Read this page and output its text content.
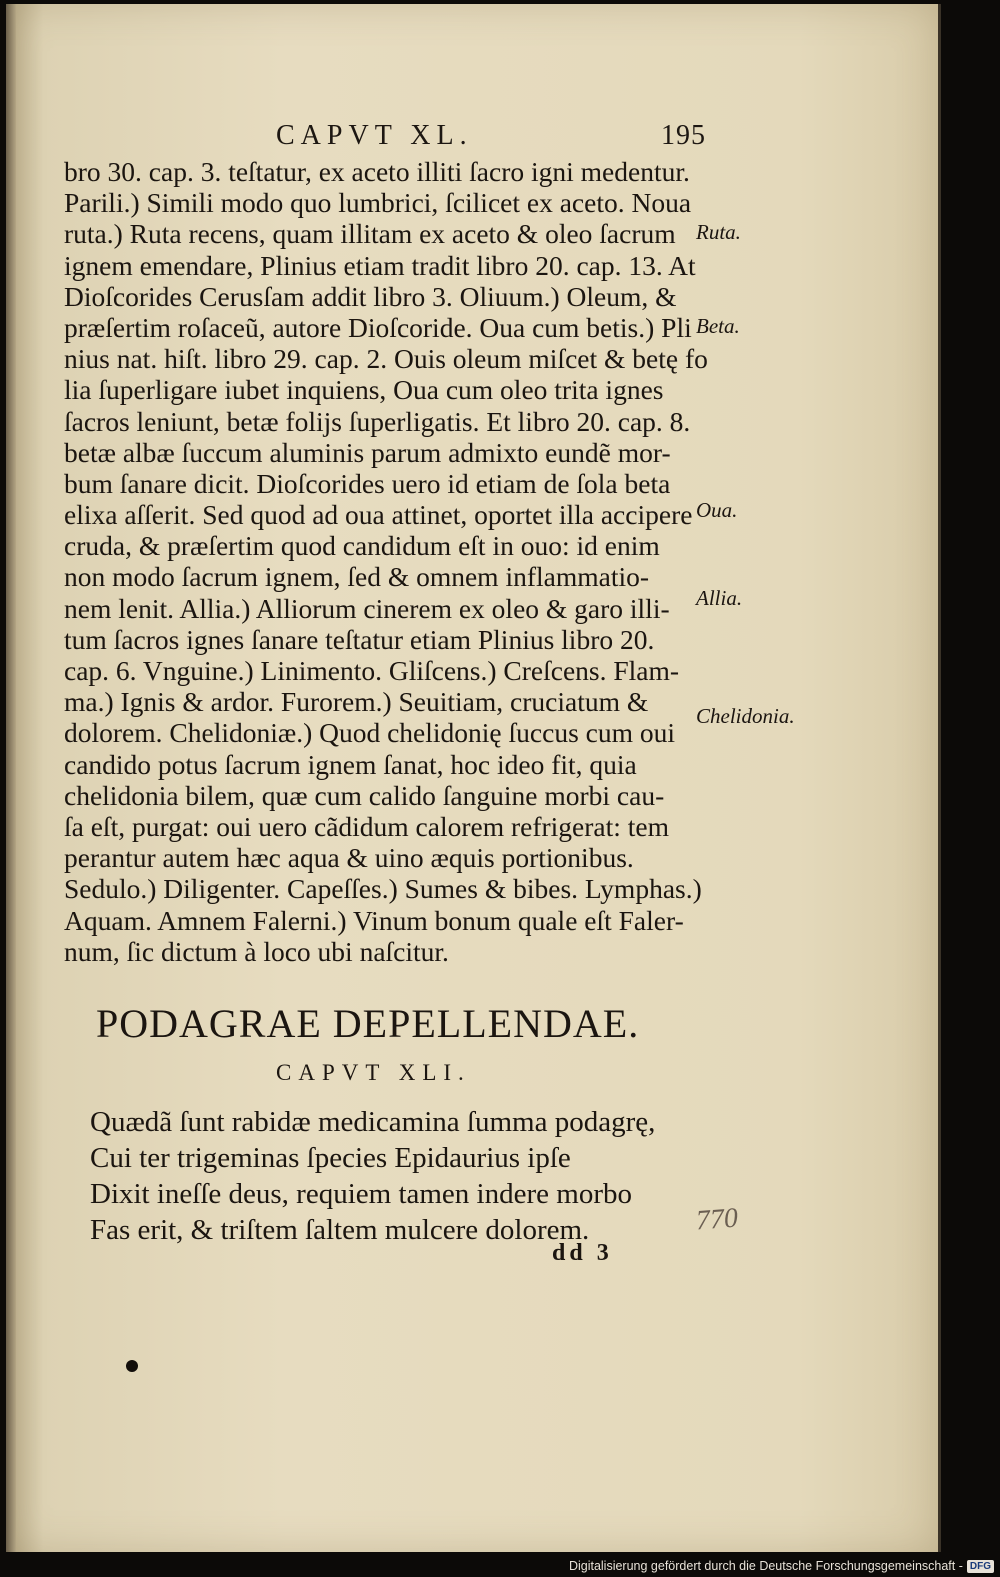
CAPVT XL.	195
bro 30. cap. 3. teſtatur, ex aceto illiti ſacro igni medentur.
Parili.) Simili modo quo lumbrici, ſcilicet ex aceto. Noua
ruta.) Ruta recens, quam illitam ex aceto & oleo ſacrum
ignem emendare, Plinius etiam tradit libro 20. cap. 13. At
Dioſcorides Cerusſam addit libro 3. Oliuum.) Oleum, &
præſertim roſaceũ, autore Dioſcoride. Oua cum betis.) Pli
nius nat. hiſt. libro 29. cap. 2. Ouis oleum miſcet & betę fo
lia ſuperligare iubet inquiens, Oua cum oleo trita ignes
ſacros leniunt, betæ folijs ſuperligatis. Et libro 20. cap. 8.
betæ albæ ſuccum aluminis parum admixto eundẽ mor-
bum ſanare dicit. Dioſcorides uero id etiam de ſola beta
elixa aſſerit. Sed quod ad oua attinet, oportet illa accipere
cruda, & præſertim quod candidum eſt in ouo: id enim
non modo ſacrum ignem, ſed & omnem inflammatio-
nem lenit. Allia.) Alliorum cinerem ex oleo & garo illi-
tum ſacros ignes ſanare teſtatur etiam Plinius libro 20.
cap. 6. Vnguine.) Linimento. Gliſcens.) Creſcens. Flam-
ma.) Ignis & ardor. Furorem.) Seuitiam, cruciatum &
dolorem. Chelidoniæ.) Quod chelidonię ſuccus cum oui
candido potus ſacrum ignem ſanat, hoc ideo fit, quia
chelidonia bilem, quæ cum calido ſanguine morbi cau-
ſa eſt, purgat: oui uero cãdidum calorem refrigerat: tem
perantur autem hæc aqua & uino æquis portionibus.
Sedulo.) Diligenter. Capeſſes.) Sumes & bibes. Lymphas.)
Aquam. Amnem Falerni.) Vinum bonum quale eſt Faler-
num, ſic dictum à loco ubi naſcitur.
Ruta.
Beta.
Oua.
Allia.
Chelidonia.
PODAGRAE DEPELLENDAE.
CAPVT XLI.
Quædã ſunt rabidæ medicamina ſumma podagrę,
Cui ter trigeminas ſpecies Epidaurius ipſe
Dixit ineſſe deus, requiem tamen indere morbo
Fas erit, & triſtem ſaltem mulcere dolorem.	770
dd 3
Digitalisierung gefördert durch die Deutsche Forschungsgemeinschaft - DFG
